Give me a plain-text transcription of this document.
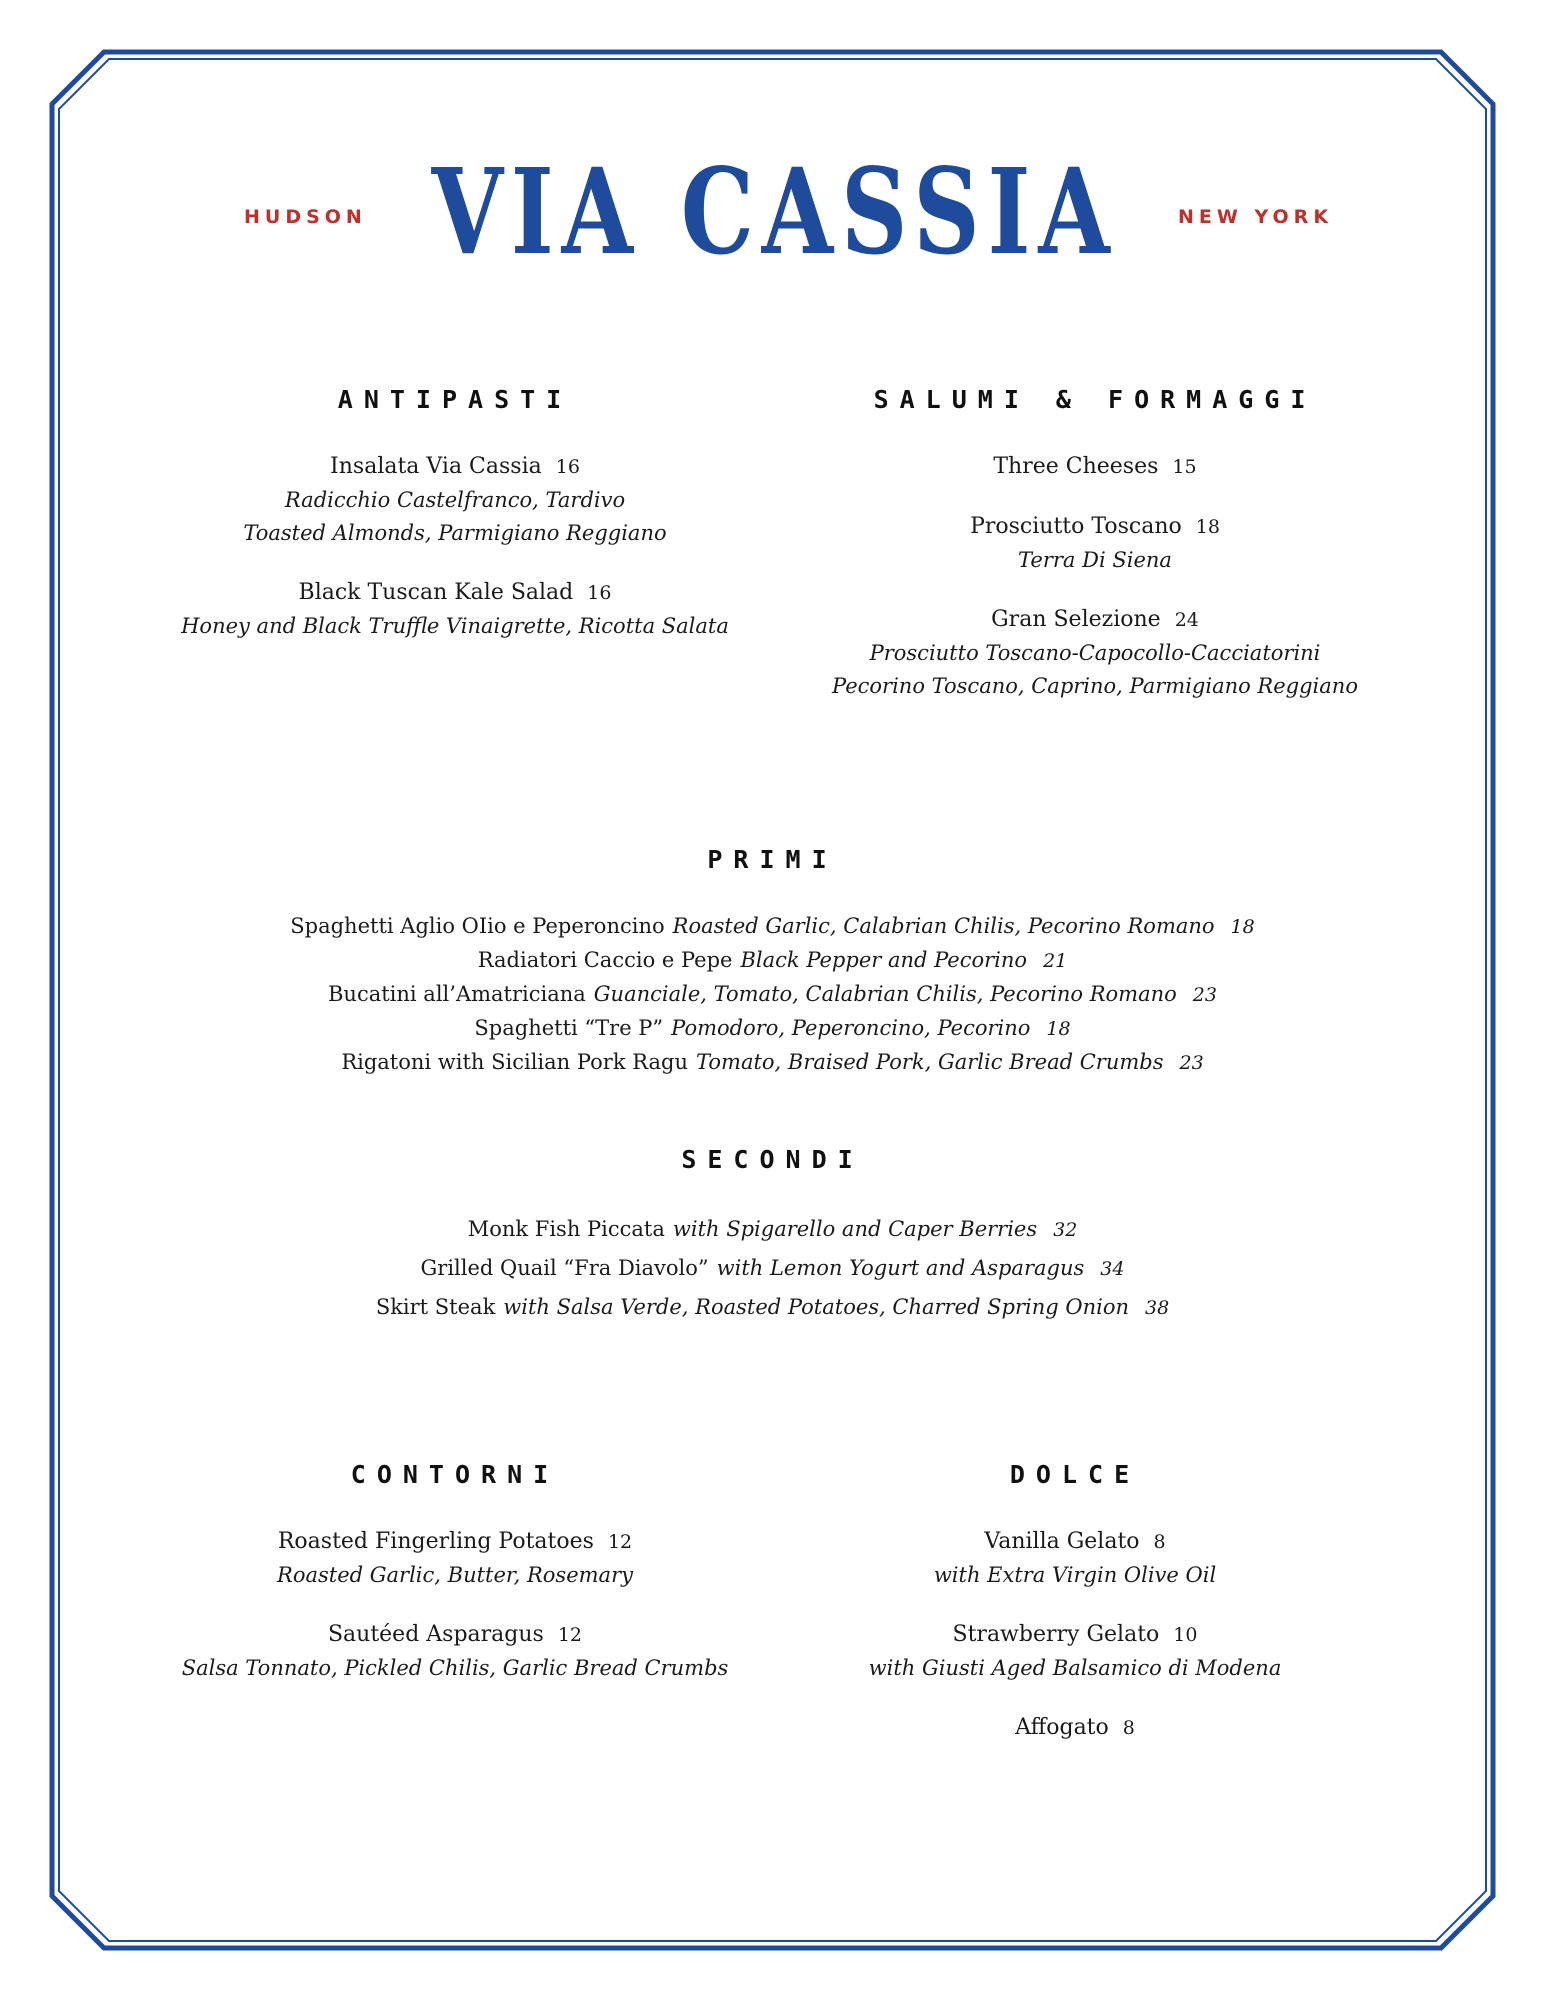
HUDSON VIA CASSIA	NEW YORK
ANTIPASTI
Insalata Via Cassia 16
Radicchio Castelfranco, Tardivo
Toasted Almonds, Parmigiano Reggiano
Black Tuscan Kale Salad 16
Honey and Black Truffle Vinaigrette, Ricotta Salata
SALUMI & FORMAGGI
Three Cheeses 15
Prosciutto Toscano 18
Terra Di Siena
Gran Selezione 24
Prosciutto Toscano-Capocollo-Cacciatorini
Pecorino Toscano, Caprino, Parmigiano Reggiano
PRIMI
Spaghetti Aglio OIio e Peperoncino Roasted Garlic, Calabrian Chilis, Pecorino Romano 18
Radiatori Caccio e Pepe Black Pepper and Pecorino 21
Bucatini all’Amatriciana Guanciale, Tomato, Calabrian Chilis, Pecorino Romano 23
Spaghetti “Tre P” Pomodoro, Peperoncino, Pecorino 18
Rigatoni with Sicilian Pork Ragu Tomato, Braised Pork, Garlic Bread Crumbs 23
SECONDI
Monk Fish Piccata with Spigarello and Caper Berries 32
Grilled Quail “Fra Diavolo” with Lemon Yogurt and Asparagus 34
Skirt Steak with Salsa Verde, Roasted Potatoes, Charred Spring Onion 38
CONTORNI
Roasted Fingerling Potatoes 12
Roasted Garlic, Butter, Rosemary
Sautéed Asparagus 12
Salsa Tonnato, Pickled Chilis, Garlic Bread Crumbs
DOLCE
Vanilla Gelato 8
with Extra Virgin Olive Oil
Strawberry Gelato 10
with Giusti Aged Balsamico di Modena
Affogato 8
